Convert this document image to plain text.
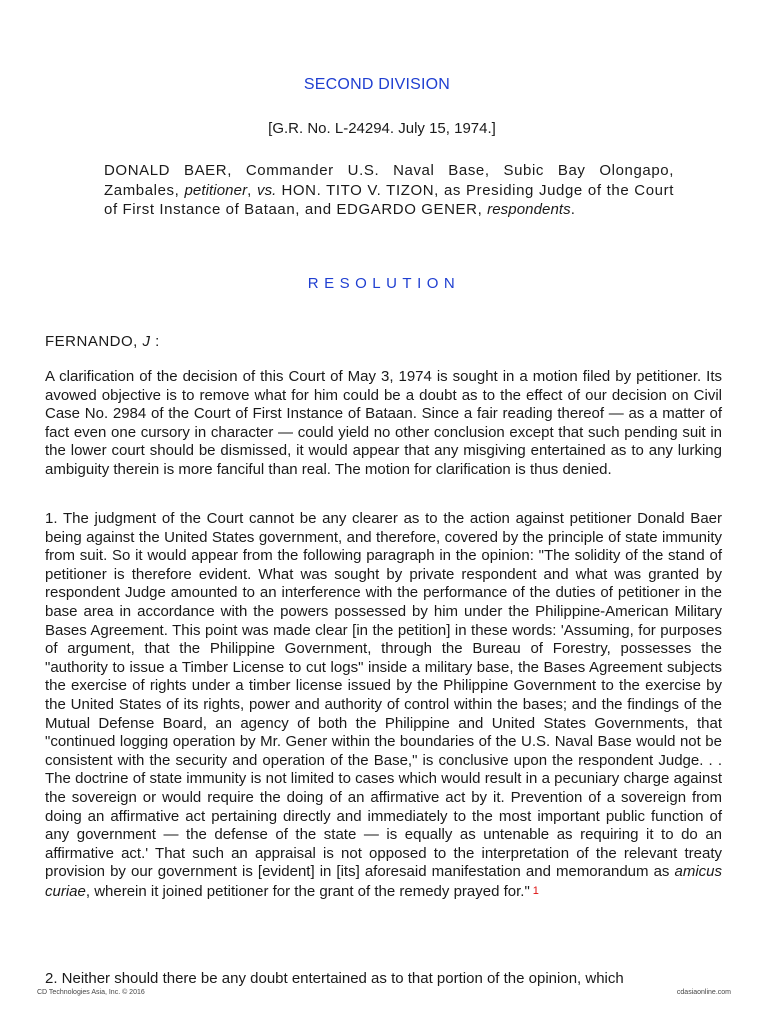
SECOND DIVISION
[G.R. No. L-24294. July 15, 1974.]
DONALD BAER, Commander U.S. Naval Base, Subic Bay Olongapo, Zambales, petitioner, vs. HON. TITO V. TIZON, as Presiding Judge of the Court of First Instance of Bataan, and EDGARDO GENER, respondents.
RESOLUTION
FERNANDO, J :
A clarification of the decision of this Court of May 3, 1974 is sought in a motion filed by petitioner. Its avowed objective is to remove what for him could be a doubt as to the effect of our decision on Civil Case No. 2984 of the Court of First Instance of Bataan. Since a fair reading thereof — as a matter of fact even one cursory in character — could yield no other conclusion except that such pending suit in the lower court should be dismissed, it would appear that any misgiving entertained as to any lurking ambiguity therein is more fanciful than real. The motion for clarification is thus denied.
1. The judgment of the Court cannot be any clearer as to the action against petitioner Donald Baer being against the United States government, and therefore, covered by the principle of state immunity from suit. So it would appear from the following paragraph in the opinion: "The solidity of the stand of petitioner is therefore evident. What was sought by private respondent and what was granted by respondent Judge amounted to an interference with the performance of the duties of petitioner in the base area in accordance with the powers possessed by him under the Philippine-American Military Bases Agreement. This point was made clear [in the petition] in these words: 'Assuming, for purposes of argument, that the Philippine Government, through the Bureau of Forestry, possesses the "authority to issue a Timber License to cut logs" inside a military base, the Bases Agreement subjects the exercise of rights under a timber license issued by the Philippine Government to the exercise by the United States of its rights, power and authority of control within the bases; and the findings of the Mutual Defense Board, an agency of both the Philippine and United States Governments, that "continued logging operation by Mr. Gener within the boundaries of the U.S. Naval Base would not be consistent with the security and operation of the Base," is conclusive upon the respondent Judge. . . The doctrine of state immunity is not limited to cases which would result in a pecuniary charge against the sovereign or would require the doing of an affirmative act by it. Prevention of a sovereign from doing an affirmative act pertaining directly and immediately to the most important public function of any government — the defense of the state — is equally as untenable as requiring it to do an affirmative act.' That such an appraisal is not opposed to the interpretation of the relevant treaty provision by our government is [evident] in [its] aforesaid manifestation and memorandum as amicus curiae, wherein it joined petitioner for the grant of the remedy prayed for." 1
2. Neither should there be any doubt entertained as to that portion of the opinion, which
CD Technologies Asia, Inc. © 2016	cdasiaonline.com
